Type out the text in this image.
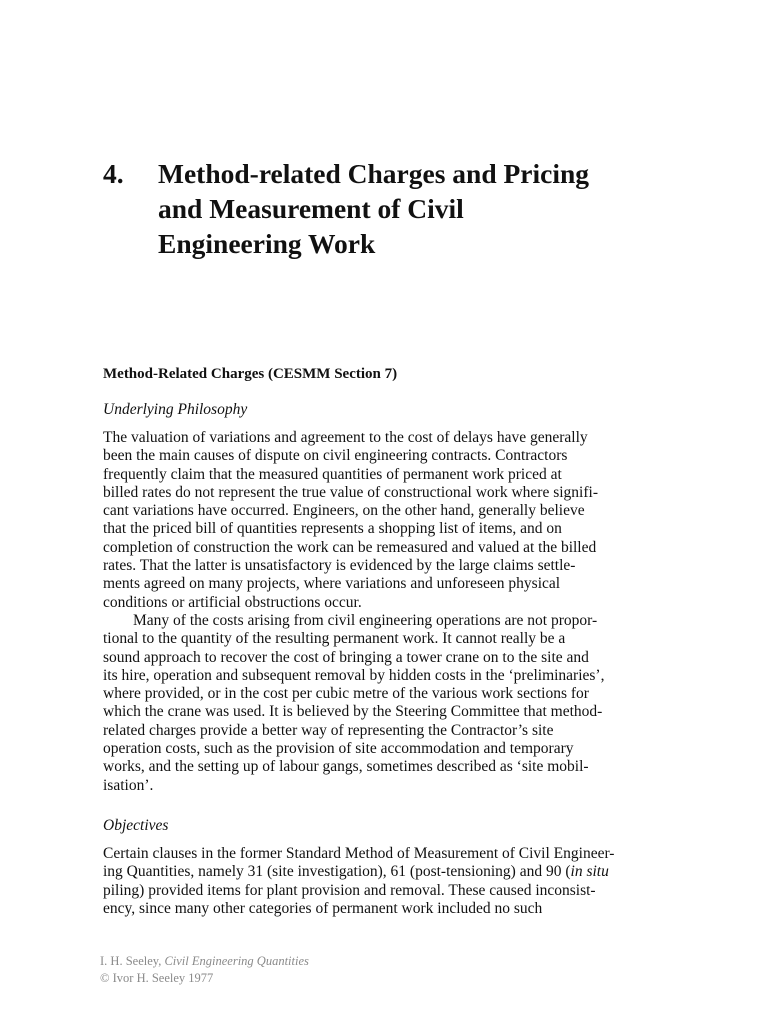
4. Method-related Charges and Pricing
and Measurement of Civil
Engineering Work
Method-Related Charges (CESMM Section 7)
Underlying Philosophy
The valuation of variations and agreement to the cost of delays have generally
been the main causes of dispute on civil engineering contracts. Contractors
frequently claim that the measured quantities of permanent work priced at
billed rates do not represent the true value of constructional work where signifi-
cant variations have occurred. Engineers, on the other hand, generally believe
that the priced bill of quantities represents a shopping list of items, and on
completion of construction the work can be remeasured and valued at the billed
rates. That the latter is unsatisfactory is evidenced by the large claims settle-
ments agreed on many projects, where variations and unforeseen physical
conditions or artificial obstructions occur.
Many of the costs arising from civil engineering operations are not propor-
tional to the quantity of the resulting permanent work. It cannot really be a
sound approach to recover the cost of bringing a tower crane on to the site and
its hire, operation and subsequent removal by hidden costs in the ‘preliminaries’,
where provided, or in the cost per cubic metre of the various work sections for
which the crane was used. It is believed by the Steering Committee that method-
related charges provide a better way of representing the Contractor’s site
operation costs, such as the provision of site accommodation and temporary
works, and the setting up of labour gangs, sometimes described as ‘site mobil-
isation’.
Objectives
Certain clauses in the former Standard Method of Measurement of Civil Engineer-
ing Quantities, namely 31 (site investigation), 61 (post-tensioning) and 90 (in situ
piling) provided items for plant provision and removal. These caused inconsist-
ency, since many other categories of permanent work included no such
I. H. Seeley, Civil Engineering Quantities
© Ivor H. Seeley 1977
